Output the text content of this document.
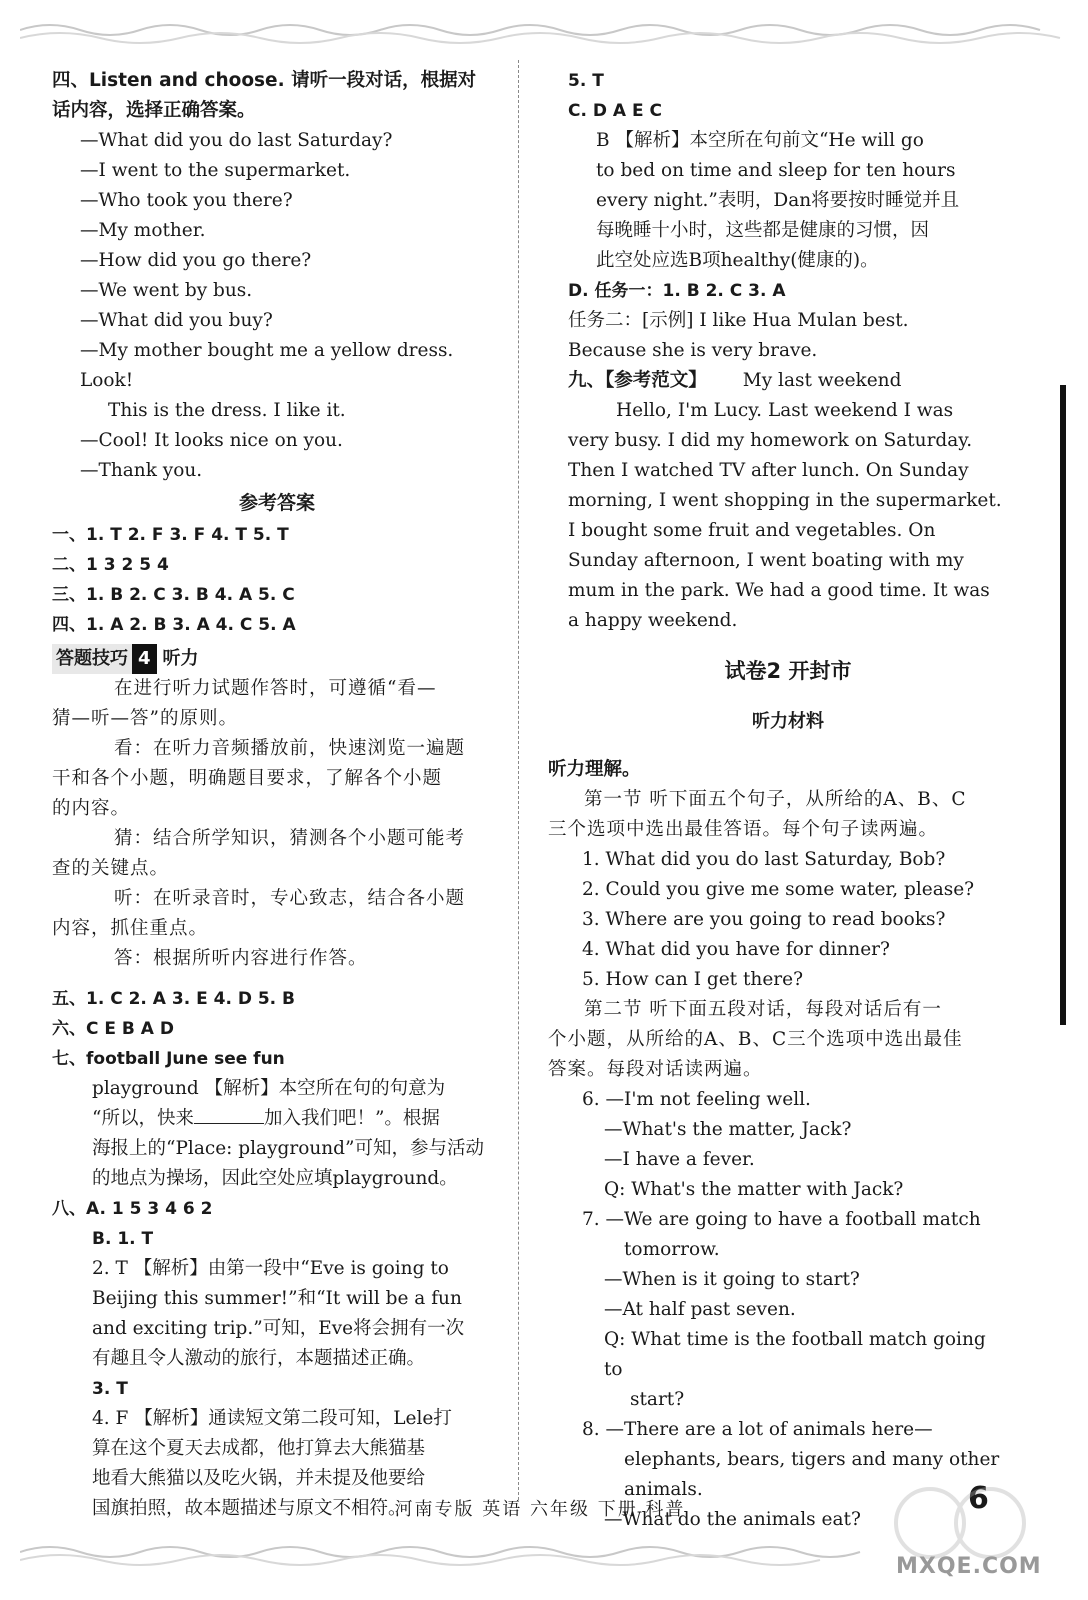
四、Listen and choose. 请听一段对话，根据对

话内容，选择正确答案。

—What did you do last Saturday?

—I went to the supermarket.

—Who took you there?

—My mother.

—How did you go there?

—We went by bus.

—What did you buy?

—My mother bought me a yellow dress. Look!

This is the dress. I like it.

—Cool! It looks nice on you.

—Thank you.

参考答案

一、1. T 2. F 3. F 4. T 5. T

二、1 3 2 5 4

三、1. B 2. C 3. B 4. A 5. C

四、1. A 2. B 3. A 4. C 5. A

答题技巧 4 听力

在进行听力试题作答时，可遵循“看—

猜—听—答”的原则。

看：在听力音频播放前，快速浏览一遍题

干和各个小题，明确题目要求，了解各个小题

的内容。

猜：结合所学知识，猜测各个小题可能考

查的关键点。

听：在听录音时，专心致志，结合各小题

内容，抓住重点。

答：根据所听内容进行作答。

五、1. C 2. A 3. E 4. D 5. B

六、C E B A D

七、football June see fun

playground 【解析】本空所在句的句意为

“所以，快来	加入我们吧！”。根据

海报上的“Place: playground”可知，参与活动

的地点为操场，因此空处应填playground。

八、A. 1 5 3 4 6 2

B. 1. T

2. T 【解析】由第一段中“Eve is going to

Beijing this summer!”和“It will be a fun

and exciting trip.”可知，Eve将会拥有一次

有趣且令人激动的旅行，本题描述正确。

3. T

4. F 【解析】通读短文第二段可知，Lele打

算在这个夏天去成都，他打算去大熊猫基

地看大熊猫以及吃火锅，并未提及他要给

国旗拍照，故本题描述与原文不相符。

5. T

C. D A E C

B 【解析】本空所在句前文“He will go

to bed on time and sleep for ten hours

every night.”表明，Dan将要按时睡觉并且

每晚睡十小时，这些都是健康的习惯，因

此空处应选B项healthy(健康的)。

D. 任务一：1. B 2. C 3. A

任务二：[示例] I like Hua Mulan best.

Because she is very brave.

九、【参考范文】 My last weekend

Hello, I'm Lucy. Last weekend I was

very busy. I did my homework on Saturday.

Then I watched TV after lunch. On Sunday

morning, I went shopping in the supermarket.

I bought some fruit and vegetables. On

Sunday afternoon, I went boating with my

mum in the park. We had a good time. It was

a happy weekend.

试卷2 开封市

听力材料

听力理解。

第一节 听下面五个句子，从所给的A、B、C

三个选项中选出最佳答语。每个句子读两遍。

1. What did you do last Saturday, Bob?

2. Could you give me some water, please?

3. Where are you going to read books?

4. What did you have for dinner?

5. How can I get there?

第二节 听下面五段对话，每段对话后有一

个小题，从所给的A、B、C三个选项中选出最佳

答案。每段对话读两遍。

6. —I'm not feeling well.

—What's the matter, Jack?

—I have a fever.

Q: What's the matter with Jack?

7. —We are going to have a football match

tomorrow.

—When is it going to start?

—At half past seven.

Q: What time is the football match going to

start?

8. —There are a lot of animals here—

elephants, bears, tigers and many other

animals.

—What do the animals eat?

河南专版 英语 六年级 下册 科普	6
MXQE.COM
